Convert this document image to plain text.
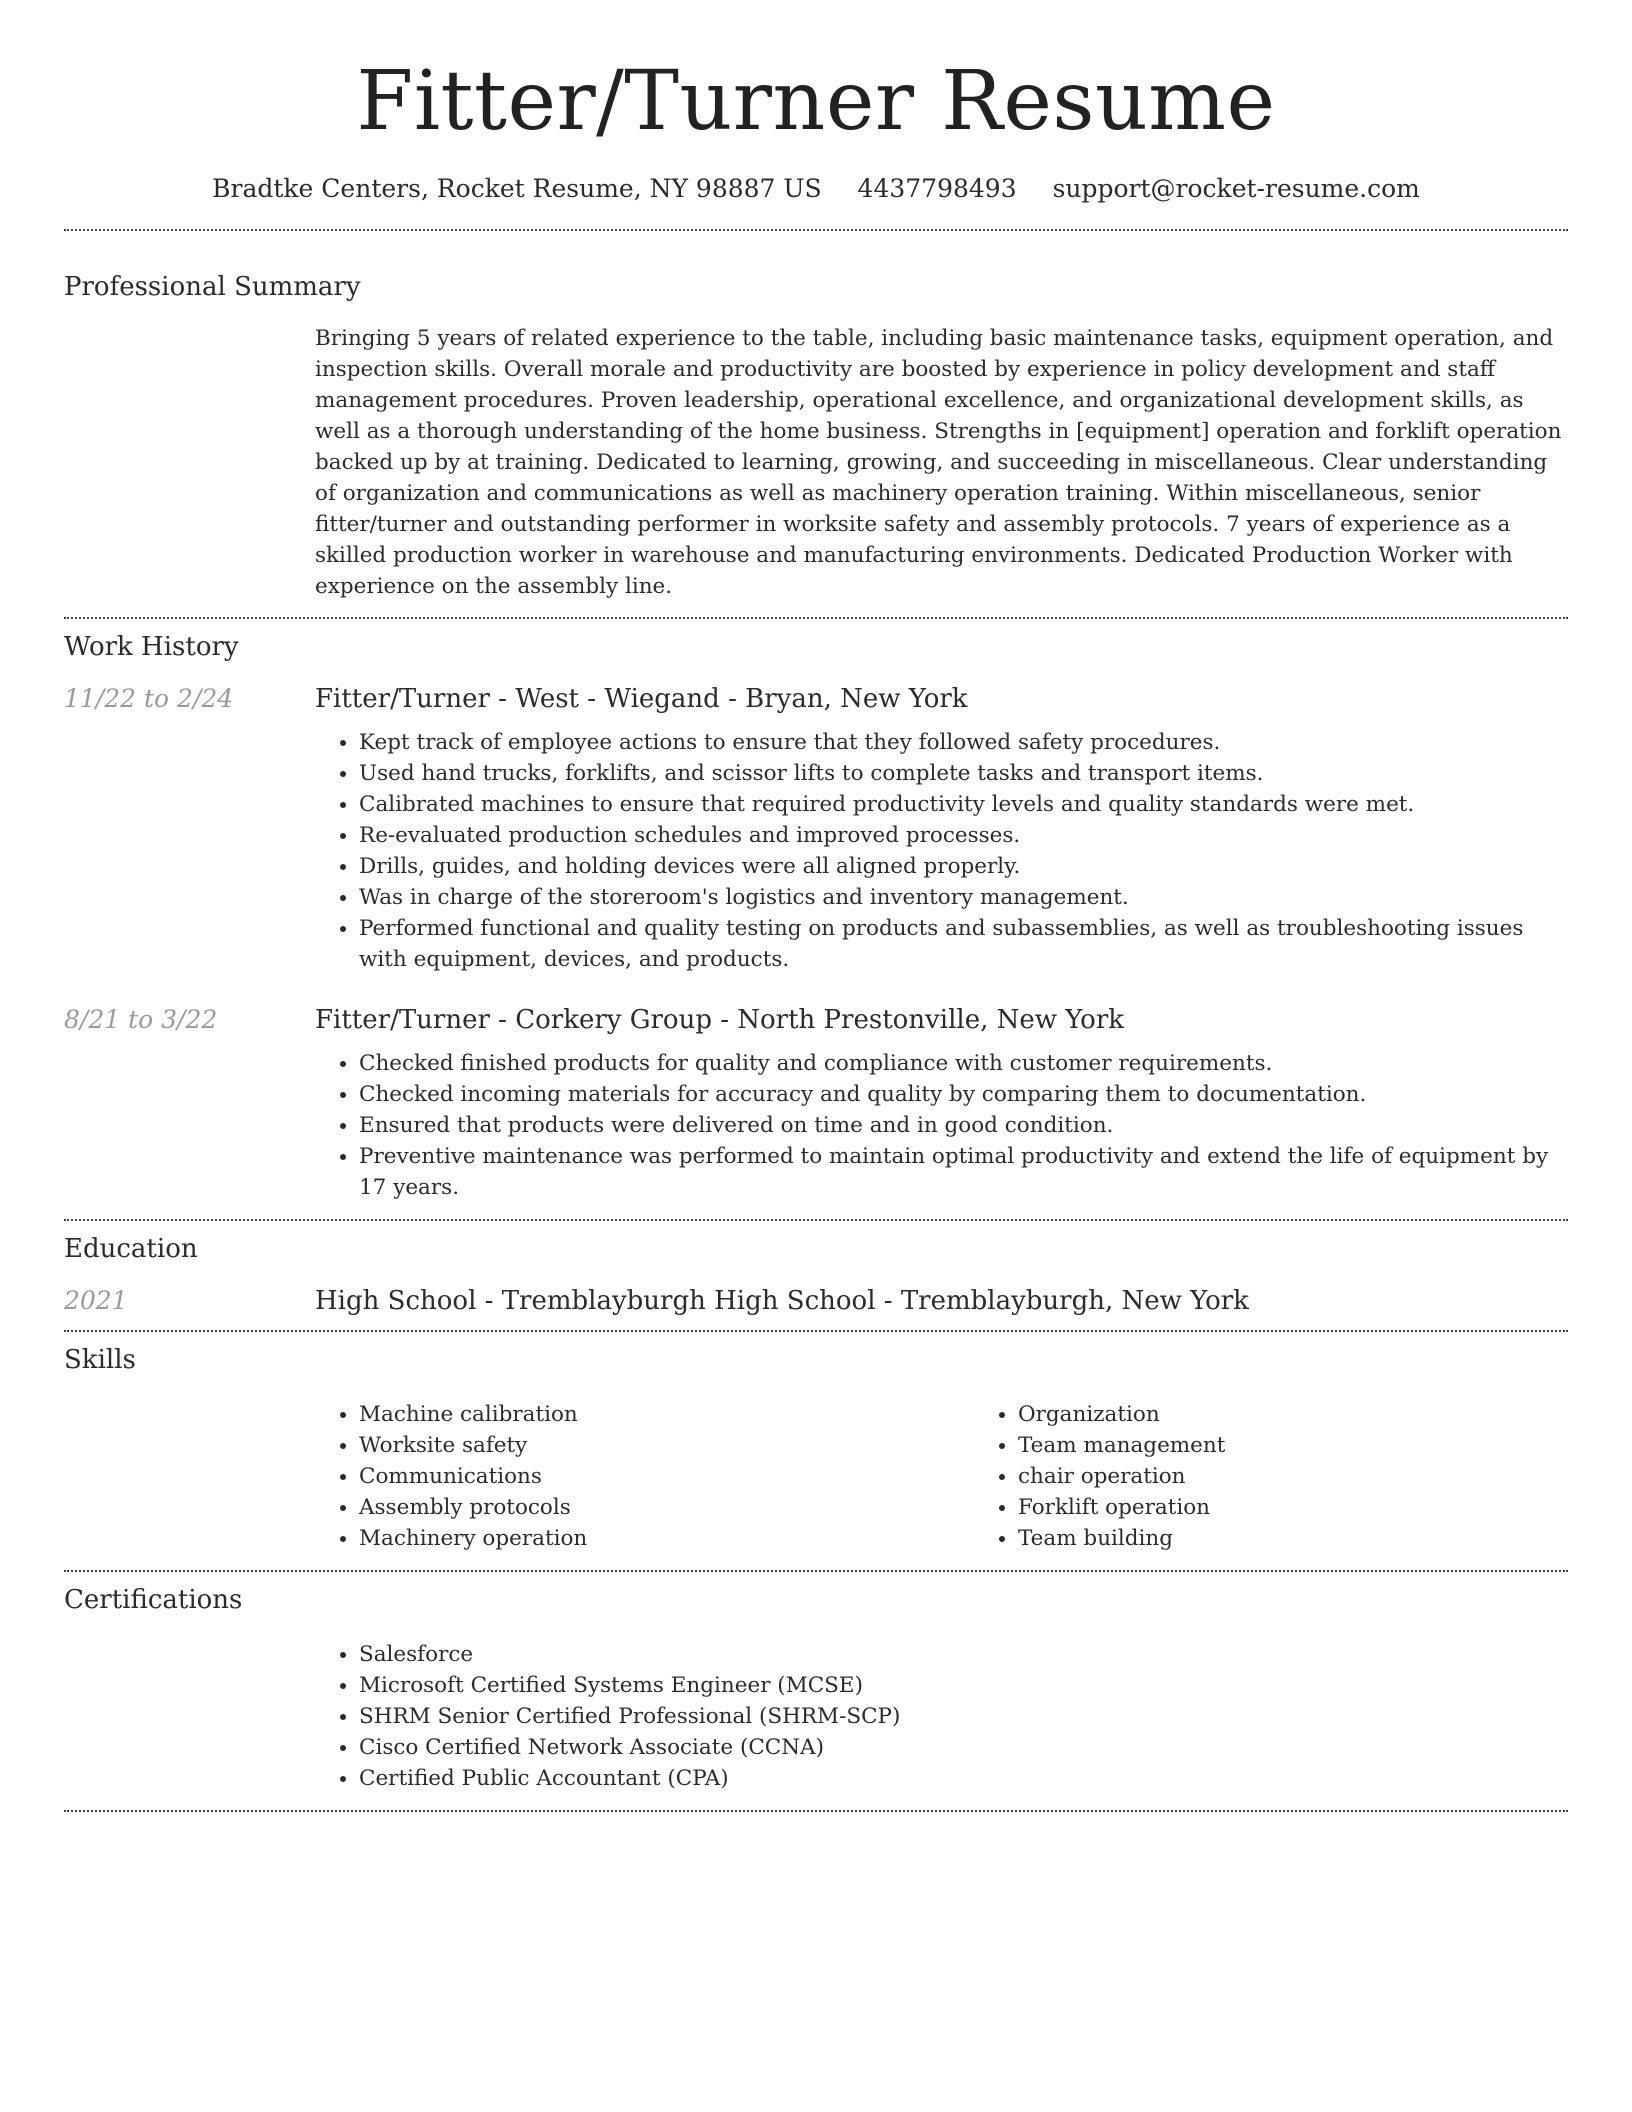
Fitter/Turner Resume
Bradtke Centers, Rocket Resume, NY 98887 US 4437798493 support@rocket-resume.com
Professional Summary

Bringing 5 years of related experience to the table, including basic maintenance tasks, equipment operation, and inspection skills. Overall morale and productivity are boosted by experience in policy development and staff management procedures. Proven leadership, operational excellence, and organizational development skills, as well as a thorough understanding of the home business. Strengths in [equipment] operation and forklift operation backed up by at training. Dedicated to learning, growing, and succeeding in miscellaneous. Clear understanding of organization and communications as well as machinery operation training. Within miscellaneous, senior fitter/turner and outstanding performer in worksite safety and assembly protocols. 7 years of experience as a skilled production worker in warehouse and manufacturing environments. Dedicated Production Worker with experience on the assembly line.

Work History
11/22 to 2/24	Fitter/Turner - West - Wiegand - Bryan, New York
• Kept track of employee actions to ensure that they followed safety procedures.
• Used hand trucks, forklifts, and scissor lifts to complete tasks and transport items.
• Calibrated machines to ensure that required productivity levels and quality standards were met.
• Re-evaluated production schedules and improved processes.
• Drills, guides, and holding devices were all aligned properly.
• Was in charge of the storeroom's logistics and inventory management.
• Performed functional and quality testing on products and subassemblies, as well as troubleshooting issues with equipment, devices, and products.
8/21 to 3/22	Fitter/Turner - Corkery Group - North Prestonville, New York
• Checked finished products for quality and compliance with customer requirements.
• Checked incoming materials for accuracy and quality by comparing them to documentation.
• Ensured that products were delivered on time and in good condition.
• Preventive maintenance was performed to maintain optimal productivity and extend the life of equipment by 17 years.
Education
2021	High School - Tremblayburgh High School - Tremblayburgh, New York
Skills
• Machine calibration
• Worksite safety
• Communications
• Assembly protocols
• Machinery operation
• Organization
• Team management
• chair operation
• Forklift operation
• Team building
Certifications
• Salesforce
• Microsoft Certified Systems Engineer (MCSE)
• SHRM Senior Certified Professional (SHRM-SCP)
• Cisco Certified Network Associate (CCNA)
• Certified Public Accountant (CPA)
